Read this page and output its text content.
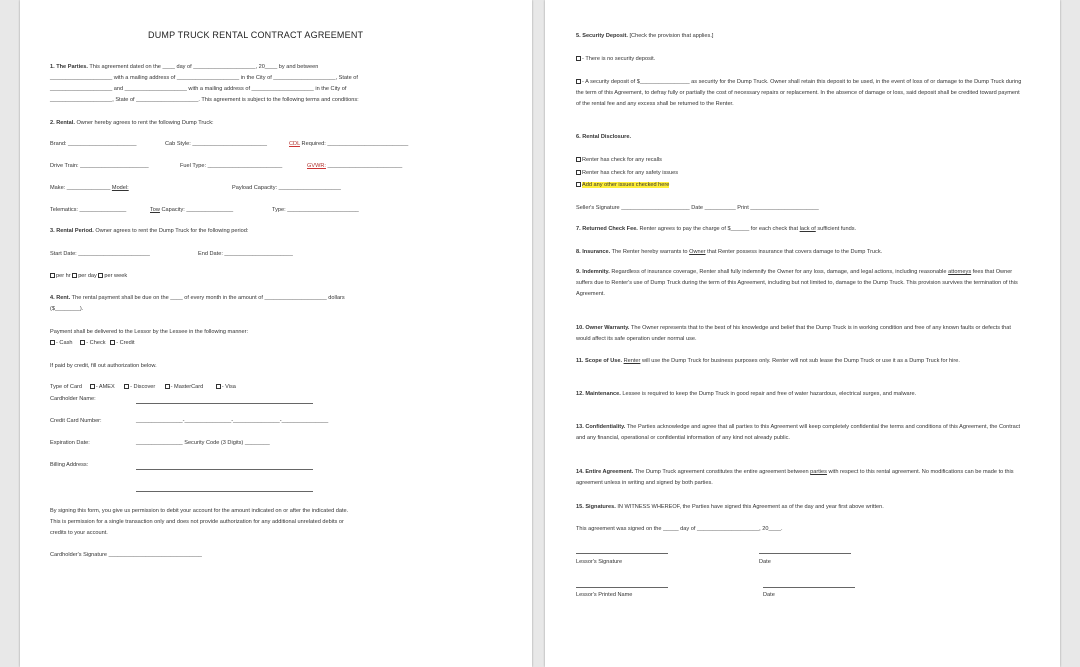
DUMP TRUCK RENTAL CONTRACT AGREEMENT
1. The Parties. This agreement dated on the ____ day of ____________________, 20____ by and between
____________________ with a mailing address of ____________________ in the City of ____________________, State of
____________________ and ____________________ with a mailing address of ____________________ in the City of
____________________, State of ____________________. This agreement is subject to the following terms and conditions:
2. Rental. Owner hereby agrees to rent the following Dump Truck:
Brand: ______________________	Cab Style: ________________________	CDL Required: __________________________
Drive Train: ______________________	Fuel Type: ________________________	GVWR: ________________________
Make: ______________ Model:	Payload Capacity: ____________________
Telematics: _______________	Tow Capacity: _______________	Type: _______________________
3. Rental Period. Owner agrees to rent the Dump Truck for the following period:
Start Date: _______________________	End Date: ______________________
per hr per day per week
4. Rent. The rental payment shall be due on the ____ of every month in the amount of ____________________ dollars
($________).
Payment shall be delivered to the Lessor by the Lessee in the following manner:
- Cash - Check - Credit
If paid by credit, fill out authorization below.
Type of Card - AMEX	- Discover	- MasterCard	- Visa
Cardholder Name:
Credit Card Number:	_______________-_______________-_______________-_______________
Expiration Date:	_______________ Security Code (3 Digits) ________
Billing Address:
By signing this form, you give us permission to debit your account for the amount indicated on or after the indicated date.
This is permission for a single transaction only and does not provide authorization for any additional unrelated debits or
credits to your account.
Cardholder's Signature ______________________________
5. Security Deposit. [Check the provision that applies.]
- There is no security deposit.
- A security deposit of $________________ as security for the Dump Truck. Owner shall retain this deposit to be used, in the event of loss of or damage to the Dump Truck during the term of this Agreement, to defray fully or partially the cost of necessary repairs or replacement. In the absence of damage or loss, said deposit shall be credited toward payment of the rental fee and any excess shall be returned to the Renter.
6. Rental Disclosure.
Renter has check for any recalls
Renter has check for any safety issues
Add any other issues checked here
Seller's Signature ______________________ Date __________ Print ______________________
7. Returned Check Fee. Renter agrees to pay the charge of $______ for each check that lack of sufficient funds.
8. Insurance. The Renter hereby warrants to Owner that Renter possess insurance that covers damage to the Dump Truck.
9. Indemnity. Regardless of insurance coverage, Renter shall fully indemnify the Owner for any loss, damage, and legal actions, including reasonable attorneys fees that Owner suffers due to Renter's use of Dump Truck during the term of this Agreement, including but not limited to, damage to the Dump Truck. This provision survives the termination of this Agreement.
10. Owner Warranty. The Owner represents that to the best of his knowledge and belief that the Dump Truck is in working condition and free of any known faults or defects that would affect its safe operation under normal use.
11. Scope of Use. Renter will use the Dump Truck for business purposes only. Renter will not sub lease the Dump Truck or use it as a Dump Truck for hire.
12. Maintenance. Lessee is required to keep the Dump Truck in good repair and free of water hazardous, electrical surges, and malware.
13. Confidentiality. The Parties acknowledge and agree that all parties to this Agreement will keep completely confidential the terms and conditions of this Agreement, the Contract and any financial, operational or confidential information of any kind not already public.
14. Entire Agreement. The Dump Truck agreement constitutes the entire agreement between parties with respect to this rental agreement. No modifications can be made to this agreement unless in writing and signed by both parties.
15. Signatures. IN WITNESS WHEREOF, the Parties have signed this Agreement as of the day and year first above written.
This agreement was signed on the _____ day of ____________________, 20____.
Lessor's Signature	Date
Lessor's Printed Name	Date
